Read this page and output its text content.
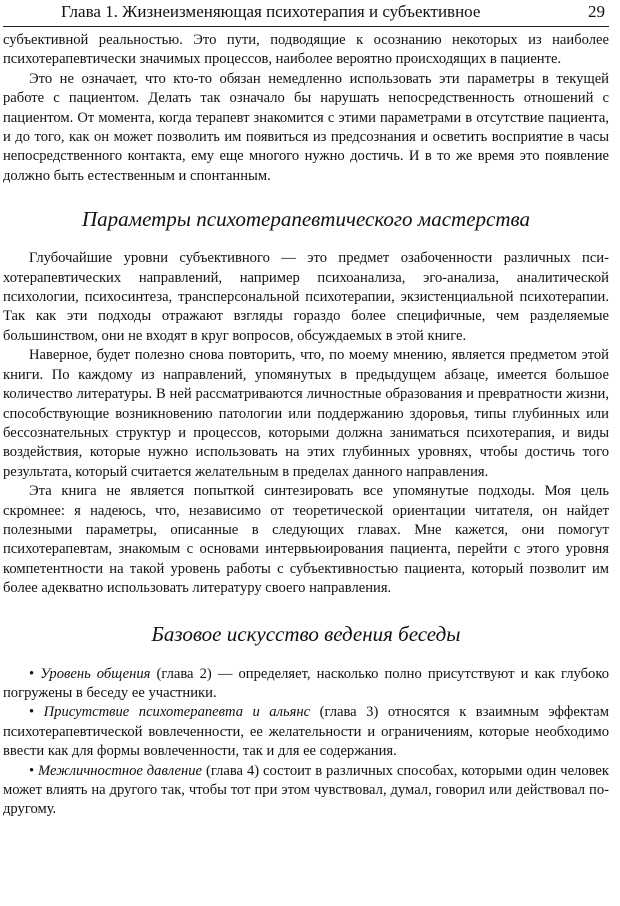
Глава 1. Жизнеизменяющая психотерапия и субъективное	29

субъективной реальностью. Это пути, подводящие к осознанию некоторых из наиболее психотерапевтически значимых процессов, наиболее вероятно происходящих в пациенте.

Это не означает, что кто-то обязан немедленно использовать эти параметры в текущей работе с пациентом. Делать так означало бы нарушать непосредственность отношений с пациентом. От момента, когда терапевт знакомится с этими параметрами в отсутствие пациента, и до того, как он может позволить им появиться из предсознания и осветить восприятие в часы непосредственного контакта, ему еще многого нужно достичь. И в то же время это появление должно быть естественным и спонтанным.

Параметры психотерапевтического мастерства

Глубочайшие уровни субъективного — это предмет озабоченности различных психотерапевтических направлений, например психоанализа, эго-анализа, аналитической психологии, психосинтеза, трансперсональной психотерапии, экзистенциальной психотерапии. Так как эти подходы отражают взгляды гораздо более специфичные, чем разделяемые большинством, они не входят в круг вопросов, обсуждаемых в этой книге.

Наверное, будет полезно снова повторить, что, по моему мнению, является предметом этой книги. По каждому из направлений, упомянутых в предыдущем абзаце, имеется большое количество литературы. В ней рассматриваются личностные образования и превратности жизни, способствующие возникновению патологии или поддержанию здоровья, типы глубинных или бессознательных структур и процессов, которыми должна заниматься психотерапия, и виды воздействия, которые нужно использовать на этих глубинных уровнях, чтобы достичь того результата, который считается желательным в пределах данного направления.

Эта книга не является попыткой синтезировать все упомянутые подходы. Моя цель скромнее: я надеюсь, что, независимо от теоретической ориентации читателя, он найдет полезными параметры, описанные в следующих главах. Мне кажется, они помогут психотерапевтам, знакомым с основами интервьюирования пациента, перейти с этого уровня компетентности на такой уровень работы с субъективностью пациента, который позволит им более адекватно использовать литературу своего направления.

Базовое искусство ведения беседы

• Уровень общения (глава 2) — определяет, насколько полно присутствуют и как глубоко погружены в беседу ее участники.

• Присутствие психотерапевта и альянс (глава 3) относятся к взаимным эффектам психотерапевтической вовлеченности, ее желательности и ограничениям, которые необходимо ввести как для формы вовлеченности, так и для ее содержания.

• Межличностное давление (глава 4) состоит в различных способах, которыми один человек может влиять на другого так, чтобы тот при этом чувствовал, думал, говорил или действовал по-другому.
